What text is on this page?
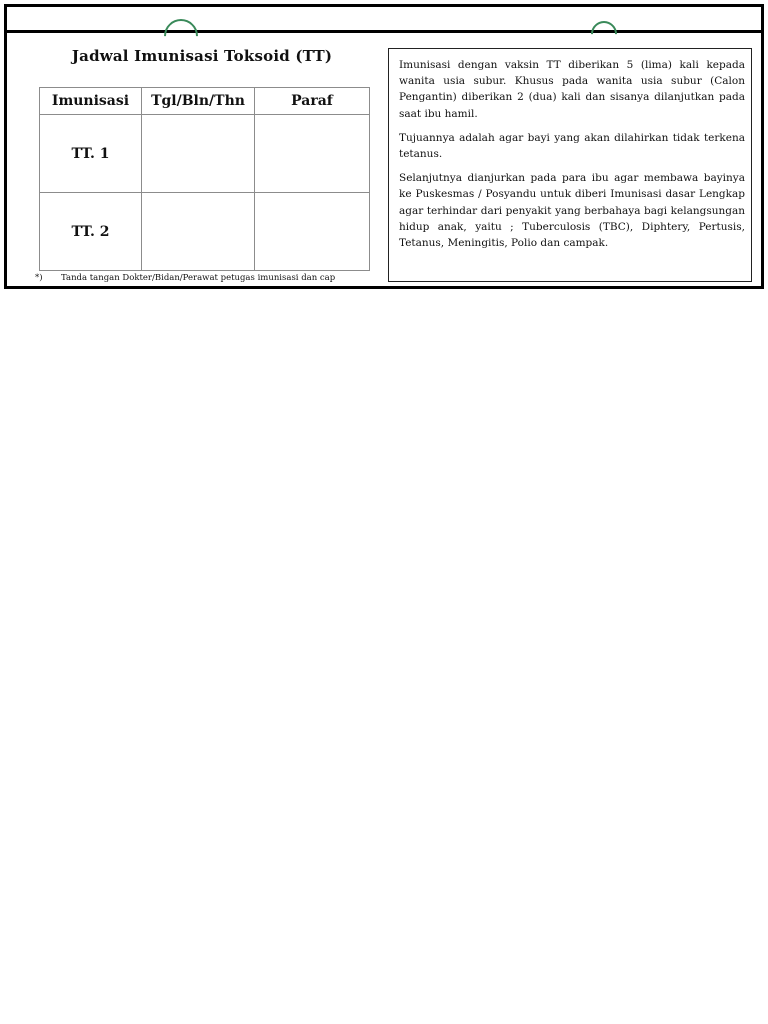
Jadwal Imunisasi Toksoid (TT)
Imunisasi	Tgl/Bln/Thn	Paraf
TT. 1		
TT. 2		
*) Tanda tangan Dokter/Bidan/Perawat petugas imunisasi dan cap

Imunisasi dengan vaksin TT diberikan 5 (lima) kali kepada wanita usia subur. Khusus pada wanita usia subur (Calon Pengantin) diberikan 2 (dua) kali dan sisanya dilanjutkan pada saat ibu hamil.

Tujuannya adalah agar bayi yang akan dilahirkan tidak terkena tetanus.

Selanjutnya dianjurkan pada para ibu agar membawa bayinya ke Puskesmas / Posyandu untuk diberi Imunisasi dasar Lengkap agar terhindar dari penyakit yang berbahaya bagi kelangsungan hidup anak, yaitu ; Tuberculosis (TBC), Diphtery, Pertusis, Tetanus, Meningitis, Polio dan campak.
